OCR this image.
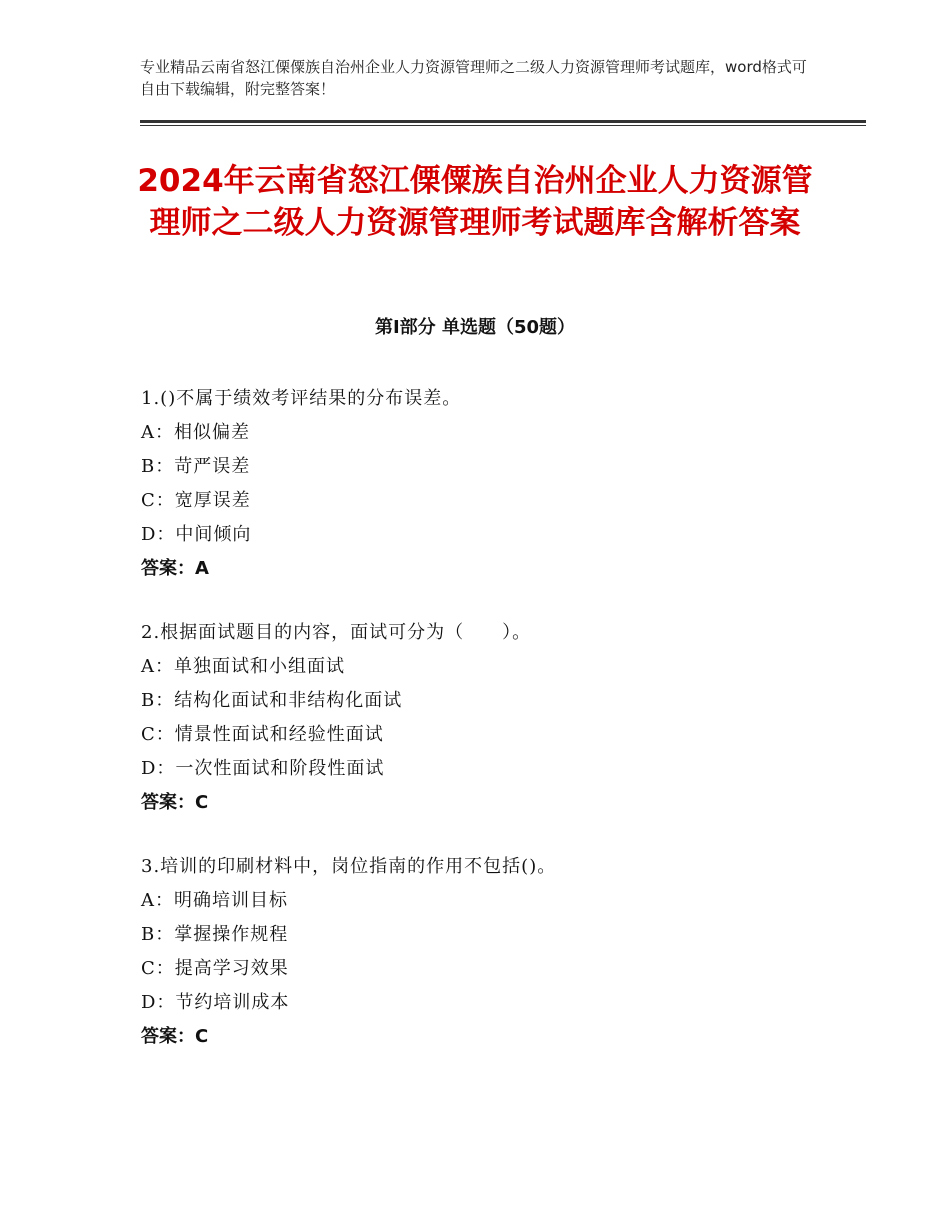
专业精品云南省怒江傈僳族自治州企业人力资源管理师之二级人力资源管理师考试题库，word格式可自由下载编辑，附完整答案！
2024年云南省怒江傈僳族自治州企业人力资源管理师之二级人力资源管理师考试题库含解析答案
第Ⅰ部分 单选题（50题）
1.()不属于绩效考评结果的分布误差。
A：相似偏差
B：苛严误差
C：宽厚误差
D：中间倾向
答案：A
2.根据面试题目的内容，面试可分为（　　）。
A：单独面试和小组面试
B：结构化面试和非结构化面试
C：情景性面试和经验性面试
D：一次性面试和阶段性面试
答案：C
3.培训的印刷材料中，岗位指南的作用不包括()。
A：明确培训目标
B：掌握操作规程
C：提高学习效果
D：节约培训成本
答案：C
